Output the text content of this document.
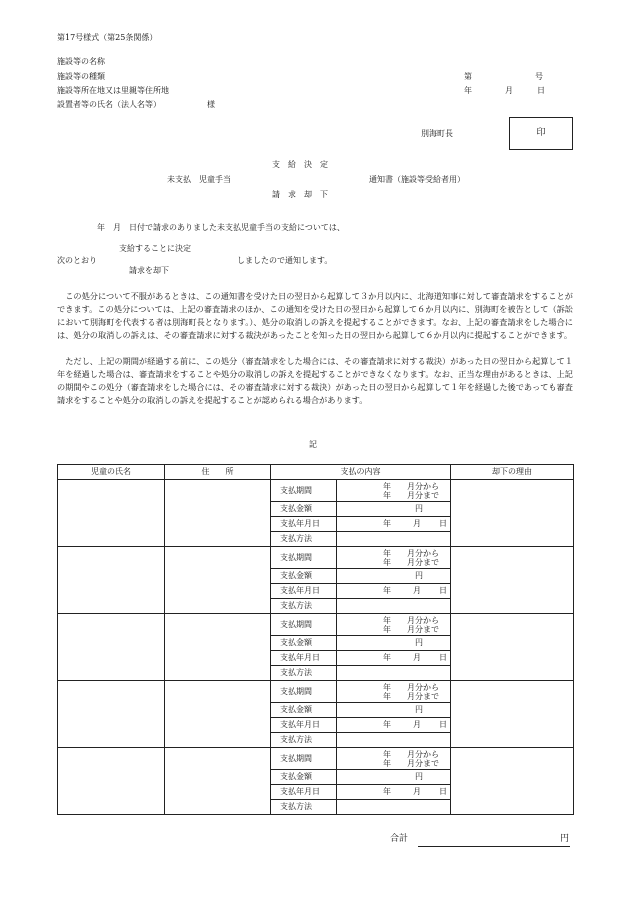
第17号様式（第25条関係）
施設等の名称
施設等の種類
施設等所在地又は里親等住所地
設置者等の氏名（法人名等）	様
第	号
年	月	日
別海町長	印
支　給　決　定
未支払　児童手当	通知書（施設等受給者用）
請　求　却　下
年　月　日付で請求のありました未支払児童手当の支給については、
支給することに決定
次のとおり	しましたので通知します。
請求を却下
　この処分について不服があるときは、この通知書を受けた日の翌日から起算して３か月以内に、北海道知事に対して審査請求をすることができます。この処分については、上記の審査請求のほか、この通知を受けた日の翌日から起算して６か月以内に、別海町を被告として（訴訟において別海町を代表する者は別海町長となります。）、処分の取消しの訴えを提起することができます。なお、上記の審査請求をした場合には、処分の取消しの訴えは、その審査請求に対する裁決があったことを知った日の翌日から起算して６か月以内に提起することができます。
　ただし、上記の期間が経過する前に、この処分（審査請求をした場合には、その審査請求に対する裁決）があった日の翌日から起算して１年を経過した場合は、審査請求をすることや処分の取消しの訴えを提起することができなくなります。なお、正当な理由があるときは、上記の期間やこの処分（審査請求をした場合には、その審査請求に対する裁決）があった日の翌日から起算して１年を経過した後であっても審査請求をすることや処分の取消しの訴えを提起することが認められる場合があります。
記
児童の氏名	住　　所	支払の内容		却下の理由
		支払期間	年　　月分から
年　　月分まで	

		支払金額	円	
		支払年月日	年 月 日	
		支払方法		
		支払期間	年　　月分から
年　　月分まで	

		支払金額	円	
		支払年月日	年 月 日	
		支払方法		
		支払期間	年　　月分から
年　　月分まで	

		支払金額	円	
		支払年月日	年 月 日	
		支払方法		
		支払期間	年　　月分から
年　　月分まで	

		支払金額	円	
		支払年月日	年 月 日	
		支払方法		
		支払期間	年　　月分から
年　　月分まで	

		支払金額	円	
		支払年月日	年 月 日	
		支払方法		
合計	円
